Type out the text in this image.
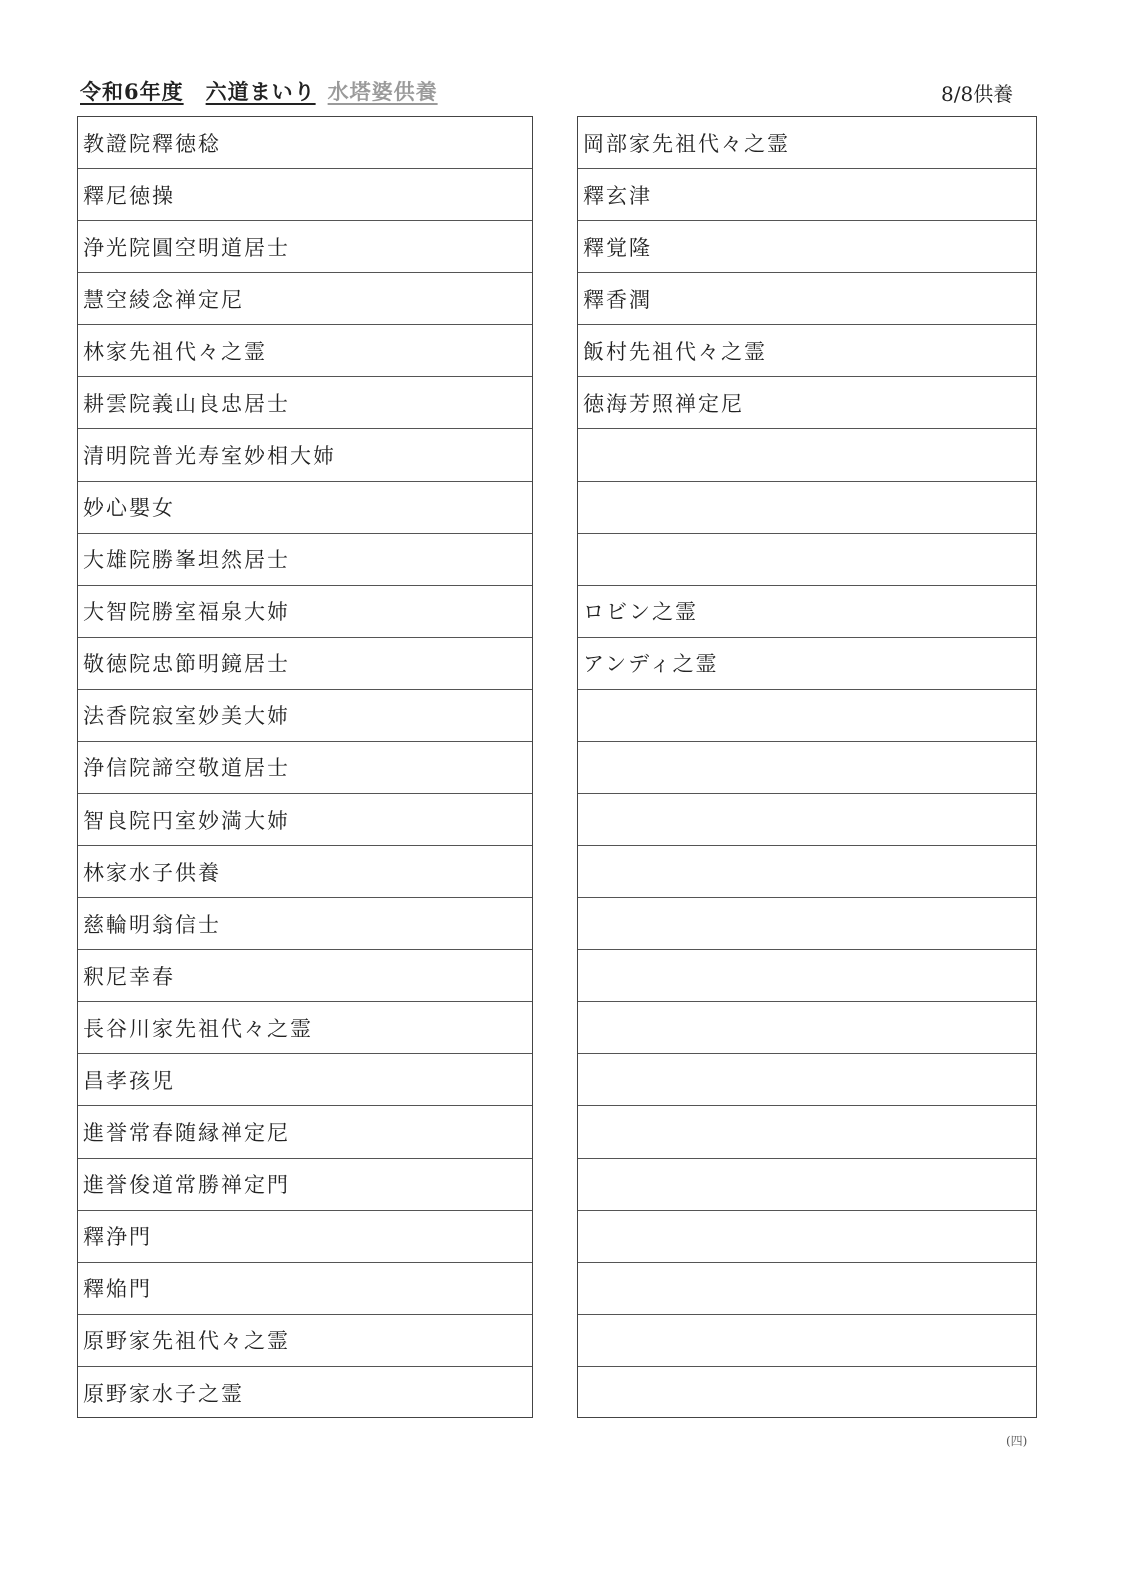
令和6年度 六道まいり 水塔婆供養	8/8供養
教證院釋徳稔
釋尼徳操
浄光院圓空明道居士
慧空綾念禅定尼
林家先祖代々之霊
耕雲院義山良忠居士
清明院普光寿室妙相大姉
妙心嬰女
大雄院勝峯坦然居士
大智院勝室福泉大姉
敬徳院忠節明鏡居士
法香院寂室妙美大姉
浄信院諦空敬道居士
智良院円室妙満大姉
林家水子供養
慈輪明翁信士
釈尼幸春
長谷川家先祖代々之霊
昌孝孩児
進誉常春随縁禅定尼
進誉俊道常勝禅定門
釋浄門
釋焔門
原野家先祖代々之霊
原野家水子之霊
岡部家先祖代々之霊
釋玄津
釋覚隆
釋香潤
飯村先祖代々之霊
徳海芳照禅定尼
ロビン之霊
アンディ之霊
(四)
